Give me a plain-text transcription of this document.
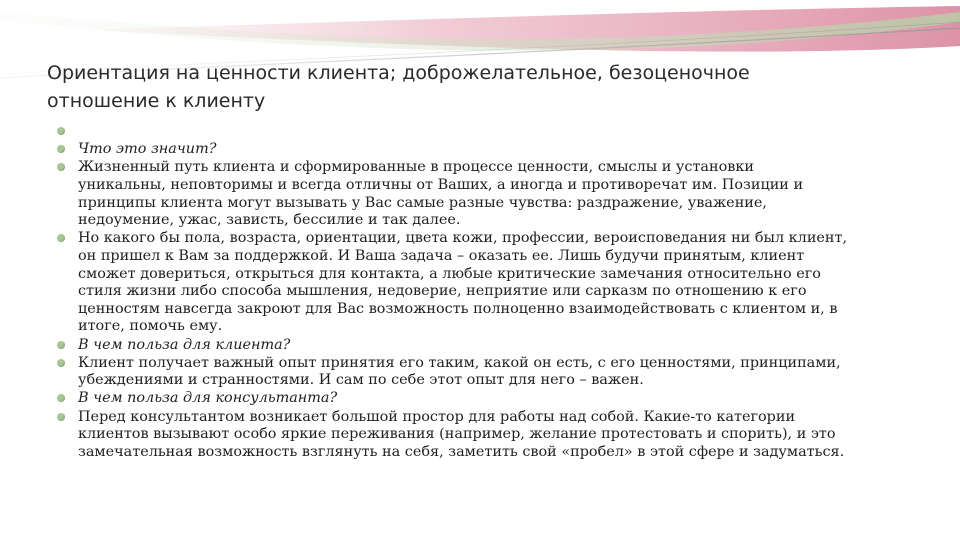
Ориентация на ценности клиента; доброжелательное, безоценочное
отношение к клиенту

Что это значит?
Жизненный путь клиента и сформированные в процессе ценности, смыслы и установки
уникальны, неповторимы и всегда отличны от Ваших, а иногда и противоречат им. Позиции и
принципы клиента могут вызывать у Вас самые разные чувства: раздражение, уважение,
недоумение, ужас, зависть, бессилие и так далее.
Но какого бы пола, возраста, ориентации, цвета кожи, профессии, вероисповедания ни был клиент,
он пришел к Вам за поддержкой. И Ваша задача – оказать ее. Лишь будучи принятым, клиент
сможет довериться, открыться для контакта, а любые критические замечания относительно его
стиля жизни либо способа мышления, недоверие, неприятие или сарказм по отношению к его
ценностям навсегда закроют для Вас возможность полноценно взаимодействовать с клиентом и, в
итоге, помочь ему.
В чем польза для клиента?
Клиент получает важный опыт принятия его таким, какой он есть, с его ценностями, принципами,
убеждениями и странностями. И сам по себе этот опыт для него – важен.
В чем польза для консультанта?
Перед консультантом возникает большой простор для работы над собой. Какие-то категории
клиентов вызывают особо яркие переживания (например, желание протестовать и спорить), и это
замечательная возможность взглянуть на себя, заметить свой «пробел» в этой сфере и задуматься.
